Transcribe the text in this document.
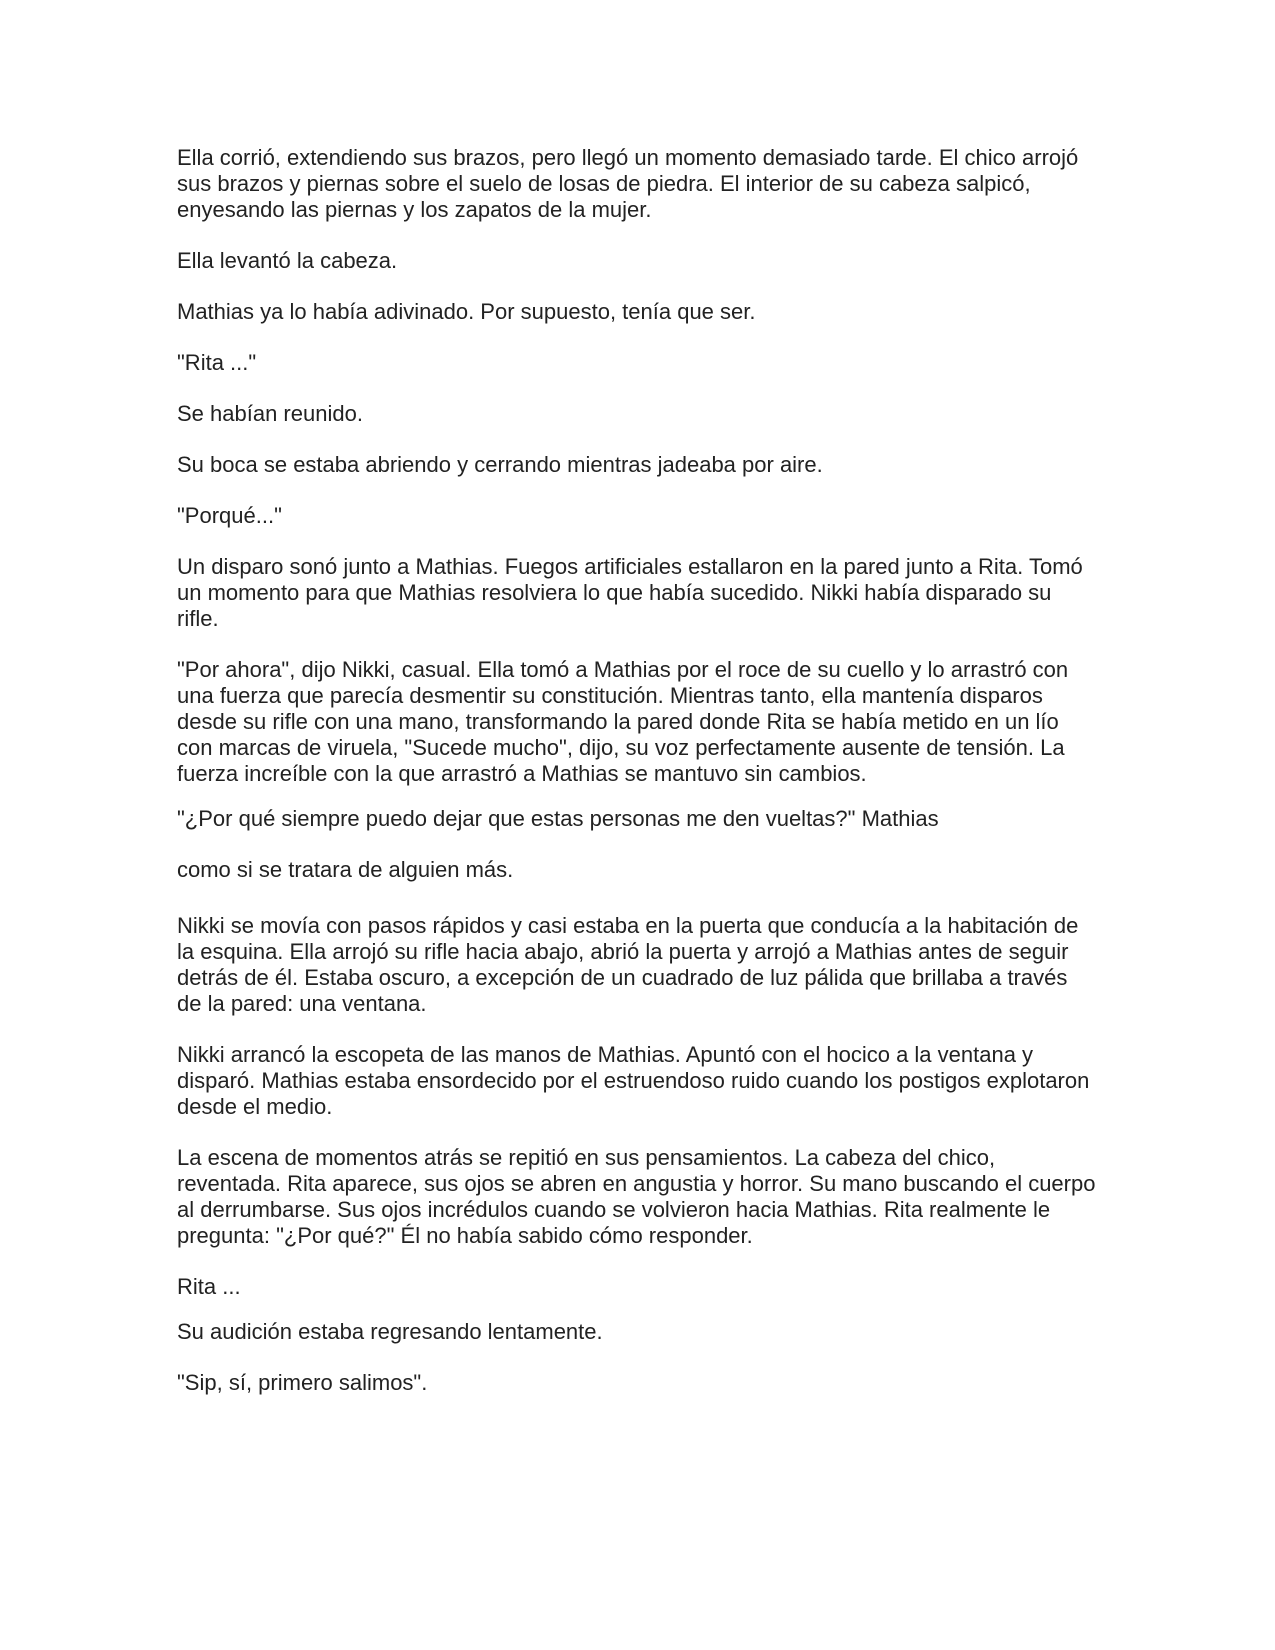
Ella corrió, extendiendo sus brazos, pero llegó un momento demasiado tarde. El chico arrojó sus brazos y piernas sobre el suelo de losas de piedra. El interior de su cabeza salpicó, enyesando las piernas y los zapatos de la mujer.

Ella levantó la cabeza.

Mathias ya lo había adivinado. Por supuesto, tenía que ser.

"Rita ..."

Se habían reunido.

Su boca se estaba abriendo y cerrando mientras jadeaba por aire.

"Porqué..."

Un disparo sonó junto a Mathias. Fuegos artificiales estallaron en la pared junto a Rita. Tomó un momento para que Mathias resolviera lo que había sucedido. Nikki había disparado su rifle.

"Por ahora", dijo Nikki, casual. Ella tomó a Mathias por el roce de su cuello y lo arrastró con una fuerza que parecía desmentir su constitución. Mientras tanto, ella mantenía disparos desde su rifle con una mano, transformando la pared donde Rita se había metido en un lío con marcas de viruela, "Sucede mucho", dijo, su voz perfectamente ausente de tensión. La fuerza increíble con la que arrastró a Mathias se mantuvo sin cambios.

"¿Por qué siempre puedo dejar que estas personas me den vueltas?" Mathias

como si se tratara de alguien más.

Nikki se movía con pasos rápidos y casi estaba en la puerta que conducía a la habitación de la esquina. Ella arrojó su rifle hacia abajo, abrió la puerta y arrojó a Mathias antes de seguir detrás de él. Estaba oscuro, a excepción de un cuadrado de luz pálida que brillaba a través de la pared: una ventana.

Nikki arrancó la escopeta de las manos de Mathias. Apuntó con el hocico a la ventana y disparó. Mathias estaba ensordecido por el estruendoso ruido cuando los postigos explotaron desde el medio.

La escena de momentos atrás se repitió en sus pensamientos. La cabeza del chico, reventada. Rita aparece, sus ojos se abren en angustia y horror. Su mano buscando el cuerpo al derrumbarse. Sus ojos incrédulos cuando se volvieron hacia Mathias. Rita realmente le pregunta: "¿Por qué?" Él no había sabido cómo responder.

Rita ...

Su audición estaba regresando lentamente.

"Sip, sí, primero salimos".
